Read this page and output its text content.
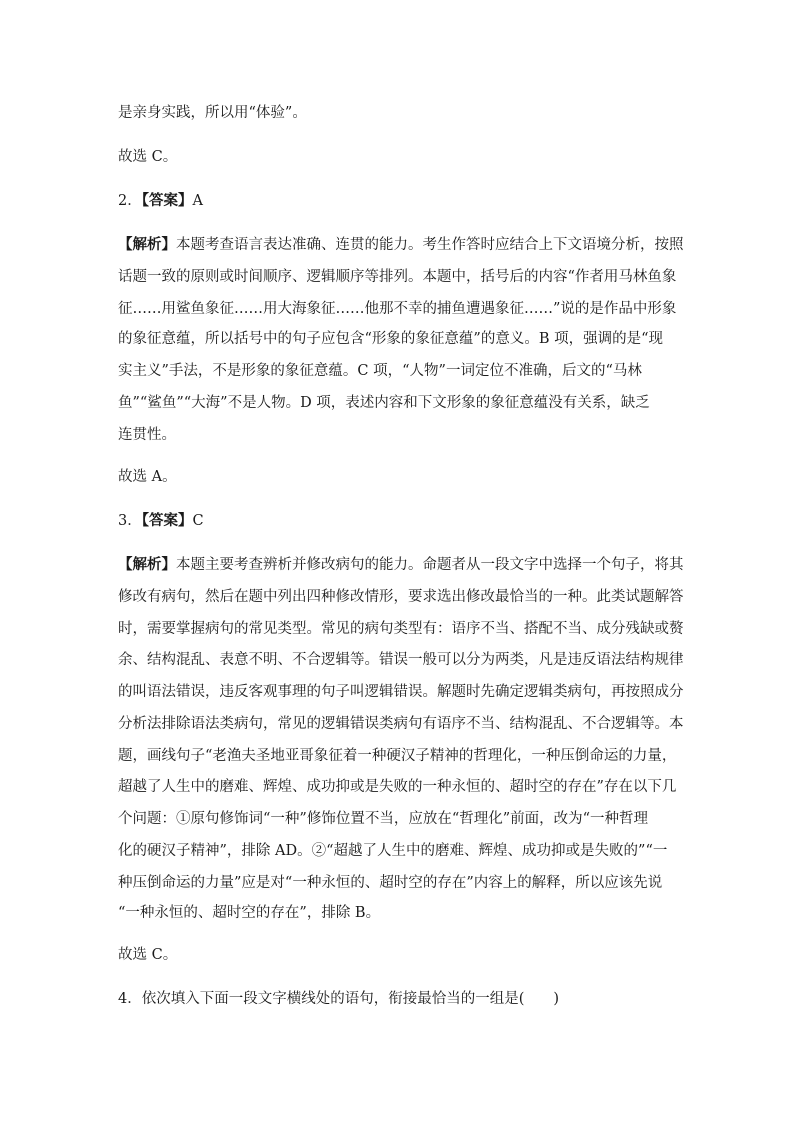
是亲身实践，所以用“体验”。
故选 C。
2．【答案】A
【解析】本题考查语言表达准确、连贯的能力。考生作答时应结合上下文语境分析，按照
话题一致的原则或时间顺序、逻辑顺序等排列。本题中，括号后的内容“作者用马林鱼象
征……用鲨鱼象征……用大海象征……他那不幸的捕鱼遭遇象征……”说的是作品中形象
的象征意蕴，所以括号中的句子应包含“形象的象征意蕴”的意义。B 项，强调的是“现
实主义”手法，不是形象的象征意蕴。C 项，“人物”一词定位不准确，后文的“马林
鱼”“鲨鱼”“大海”不是人物。D 项，表述内容和下文形象的象征意蕴没有关系，缺乏
连贯性。
故选 A。
3．【答案】C
【解析】本题主要考查辨析并修改病句的能力。命题者从一段文字中选择一个句子，将其
修改有病句，然后在题中列出四种修改情形，要求选出修改最恰当的一种。此类试题解答
时，需要掌握病句的常见类型。常见的病句类型有：语序不当、搭配不当、成分残缺或赘
余、结构混乱、表意不明、不合逻辑等。错误一般可以分为两类，凡是违反语法结构规律
的叫语法错误，违反客观事理的句子叫逻辑错误。解题时先确定逻辑类病句，再按照成分
分析法排除语法类病句，常见的逻辑错误类病句有语序不当、结构混乱、不合逻辑等。本
题，画线句子“老渔夫圣地亚哥象征着一种硬汉子精神的哲理化，一种压倒命运的力量，
超越了人生中的磨难、辉煌、成功抑或是失败的一种永恒的、超时空的存在”存在以下几
个问题：①原句修饰词“一种”修饰位置不当，应放在“哲理化”前面，改为“一种哲理
化的硬汉子精神”，排除 AD。②“超越了人生中的磨难、辉煌、成功抑或是失败的”“一
种压倒命运的力量”应是对“一种永恒的、超时空的存在”内容上的解释，所以应该先说
“一种永恒的、超时空的存在”，排除 B。
故选 C。
4．依次填入下面一段文字横线处的语句，衔接最恰当的一组是(　　)
